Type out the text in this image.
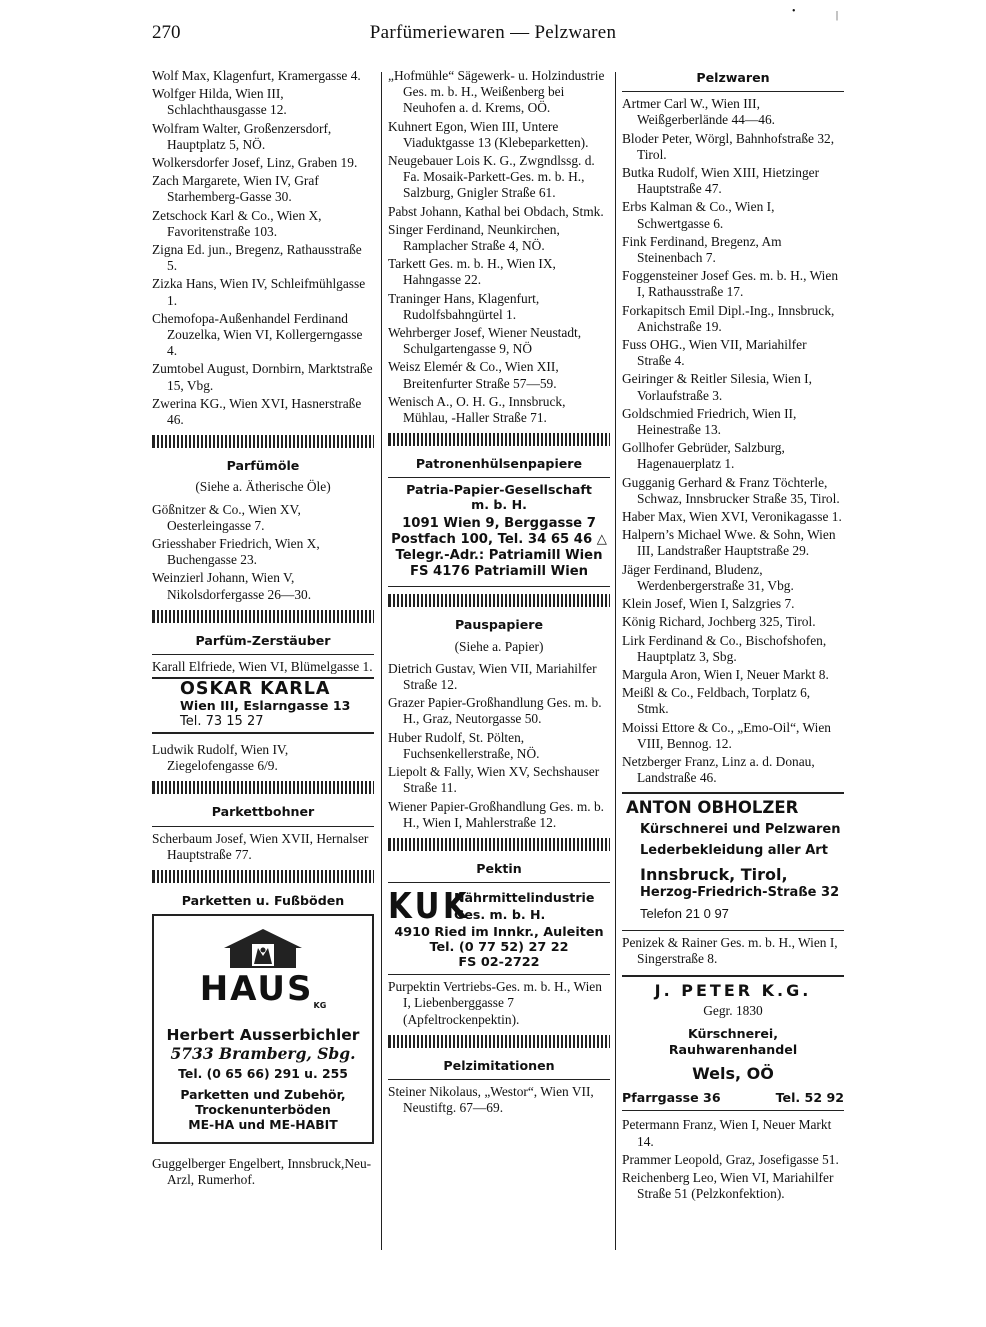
270	Parfümeriewaren — Pelzwaren
•	|
Wolf Max, Klagenfurt, Kramergasse 4.
Wolfger Hilda, Wien III, Schlachthausgasse 12.
Wolfram Walter, Großenzersdorf, Hauptplatz 5, NÖ.
Wolkersdorfer Josef, Linz, Graben 19.
Zach Margarete, Wien IV, Graf Starhemberg-Gasse 30.
Zetschock Karl & Co., Wien X, Favoritenstraße 103.
Zigna Ed. jun., Bregenz, Rathausstraße 5.
Zizka Hans, Wien IV, Schleifmühlgasse 1.
Chemofopa-Außenhandel Ferdinand Zouzelka, Wien VI, Kollergerngasse 4.
Zumtobel August, Dornbirn, Marktstraße 15, Vbg.
Zwerina KG., Wien XVI, Hasnerstraße 46.
Parfümöle
(Siehe a. Ätherische Öle)
Gößnitzer & Co., Wien XV, Oesterleingasse 7.
Griesshaber Friedrich, Wien X, Buchengasse 23.
Weinzierl Johann, Wien V, Nikolsdorfergasse 26—30.
Parfüm-Zerstäuber
Karall Elfriede, Wien VI, Blümelgasse 1.
OSKAR KARLA
Wien III, Eslarngasse 13
Tel. 73 15 27
Ludwik Rudolf, Wien IV, Ziegelofengasse 6/9.
Parkettbohner
Scherbaum Josef, Wien XVII, Hernalser Hauptstraße 77.
Parketten u. Fußböden
$HAUS_{KG}$
Herbert Ausserbichler
5733 Bramberg, Sbg.
Tel. (0 65 66) 291 u. 255
Parketten und Zubehör,
Trockenunterböden
ME-HA und ME-HABIT
Guggelberger Engelbert, Innsbruck,Neu-Arzl, Rumerhof.
„Hofmühle“ Sägewerk- u. Holzindustrie Ges. m. b. H., Weißenberg bei Neuhofen a. d. Krems, OÖ.
Kuhnert Egon, Wien III, Untere Viaduktgasse 13 (Klebeparketten).
Neugebauer Lois K. G., Zwgndlssg. d. Fa. Mosaik-Parkett-Ges. m. b. H., Salzburg, Gnigler Straße 61.
Pabst Johann, Kathal bei Obdach, Stmk.
Singer Ferdinand, Neunkirchen, Ramplacher Straße 4, NÖ.
Tarkett Ges. m. b. H., Wien IX, Hahngasse 22.
Traninger Hans, Klagenfurt, Rudolfsbahngürtel 1.
Wehrberger Josef, Wiener Neustadt, Schulgartengasse 9, NÖ
Weisz Elemér & Co., Wien XII, Breitenfurter Straße 57—59.
Wenisch A., O. H. G., Innsbruck, Mühlau, -Haller Straße 71.
Patronenhülsenpapiere
Patria-Papier-Gesellschaft
m. b. H.
1091 Wien 9, Berggasse 7
Postfach 100, Tel. 34 65 46 △
Telegr.-Adr.: Patriamill Wien
FS 4176 Patriamill Wien
Pauspapiere
(Siehe a. Papier)
Dietrich Gustav, Wien VII, Mariahilfer Straße 12.
Grazer Papier-Großhandlung Ges. m. b. H., Graz, Neutorgasse 50.
Huber Rudolf, St. Pölten, Fuchsenkellerstraße, NÖ.
Liepolt & Fally, Wien XV, Sechshauser Straße 11.
Wiener Papier-Großhandlung Ges. m. b. H., Wien I, Mahlerstraße 12.
Pektin
KUK
Nährmittelindustrie
Ges. m. b. H.
4910 Ried im Innkr., Auleiten
Tel. (0 77 52) 27 22
FS 02-2722
Purpektin Vertriebs-Ges. m. b. H., Wien I, Liebenberggasse 7 (Apfeltrockenpektin).
Pelzimitationen
Steiner Nikolaus, „Westor“, Wien VII, Neustiftg. 67—69.
Pelzwaren
Artmer Carl W., Wien III, Weißgerberlände 44—46.
Bloder Peter, Wörgl, Bahnhofstraße 32, Tirol.
Butka Rudolf, Wien XIII, Hietzinger Hauptstraße 47.
Erbs Kalman & Co., Wien I, Schwertgasse 6.
Fink Ferdinand, Bregenz, Am Steinenbach 7.
Foggensteiner Josef Ges. m. b. H., Wien I, Rathausstraße 17.
Forkapitsch Emil Dipl.-Ing., Innsbruck, Anichstraße 19.
Fuss OHG., Wien VII, Mariahilfer Straße 4.
Geiringer & Reitler Silesia, Wien I, Vorlaufstraße 3.
Goldschmied Friedrich, Wien II, Heinestraße 13.
Gollhofer Gebrüder, Salzburg, Hagenauerplatz 1.
Gugganig Gerhard & Franz Töchterle, Schwaz, Innsbrucker Straße 35, Tirol.
Haber Max, Wien XVI, Veronikagasse 1.
Halpern’s Michael Wwe. & Sohn, Wien III, Landstraßer Hauptstraße 29.
Jäger Ferdinand, Bludenz, Werdenbergerstraße 31, Vbg.
Klein Josef, Wien I, Salzgries 7.
König Richard, Jochberg 325, Tirol.
Lirk Ferdinand & Co., Bischofshofen, Hauptplatz 3, Sbg.
Margula Aron, Wien I, Neuer Markt 8.
Meißl & Co., Feldbach, Torplatz 6, Stmk.
Moissi Ettore & Co., „Emo-Oil“, Wien VIII, Bennog. 12.
Netzberger Franz, Linz a. d. Donau, Landstraße 46.
ANTON OBHOLZER
Kürschnerei und Pelzwaren
Lederbekleidung aller Art
Innsbruck, Tirol,
Herzog-Friedrich-Straße 32
Telefon 21 0 97
Penizek & Rainer Ges. m. b. H., Wien I, Singerstraße 8.
J. PETER K.G.
Gegr. 1830
Kürschnerei, Rauhwarenhandel
Wels, OÖ
Pfarrgasse 36	Tel. 52 92
Petermann Franz, Wien I, Neuer Markt 14.
Prammer Leopold, Graz, Josefigasse 51.
Reichenberg Leo, Wien VI, Mariahilfer Straße 51 (Pelzkonfektion).
